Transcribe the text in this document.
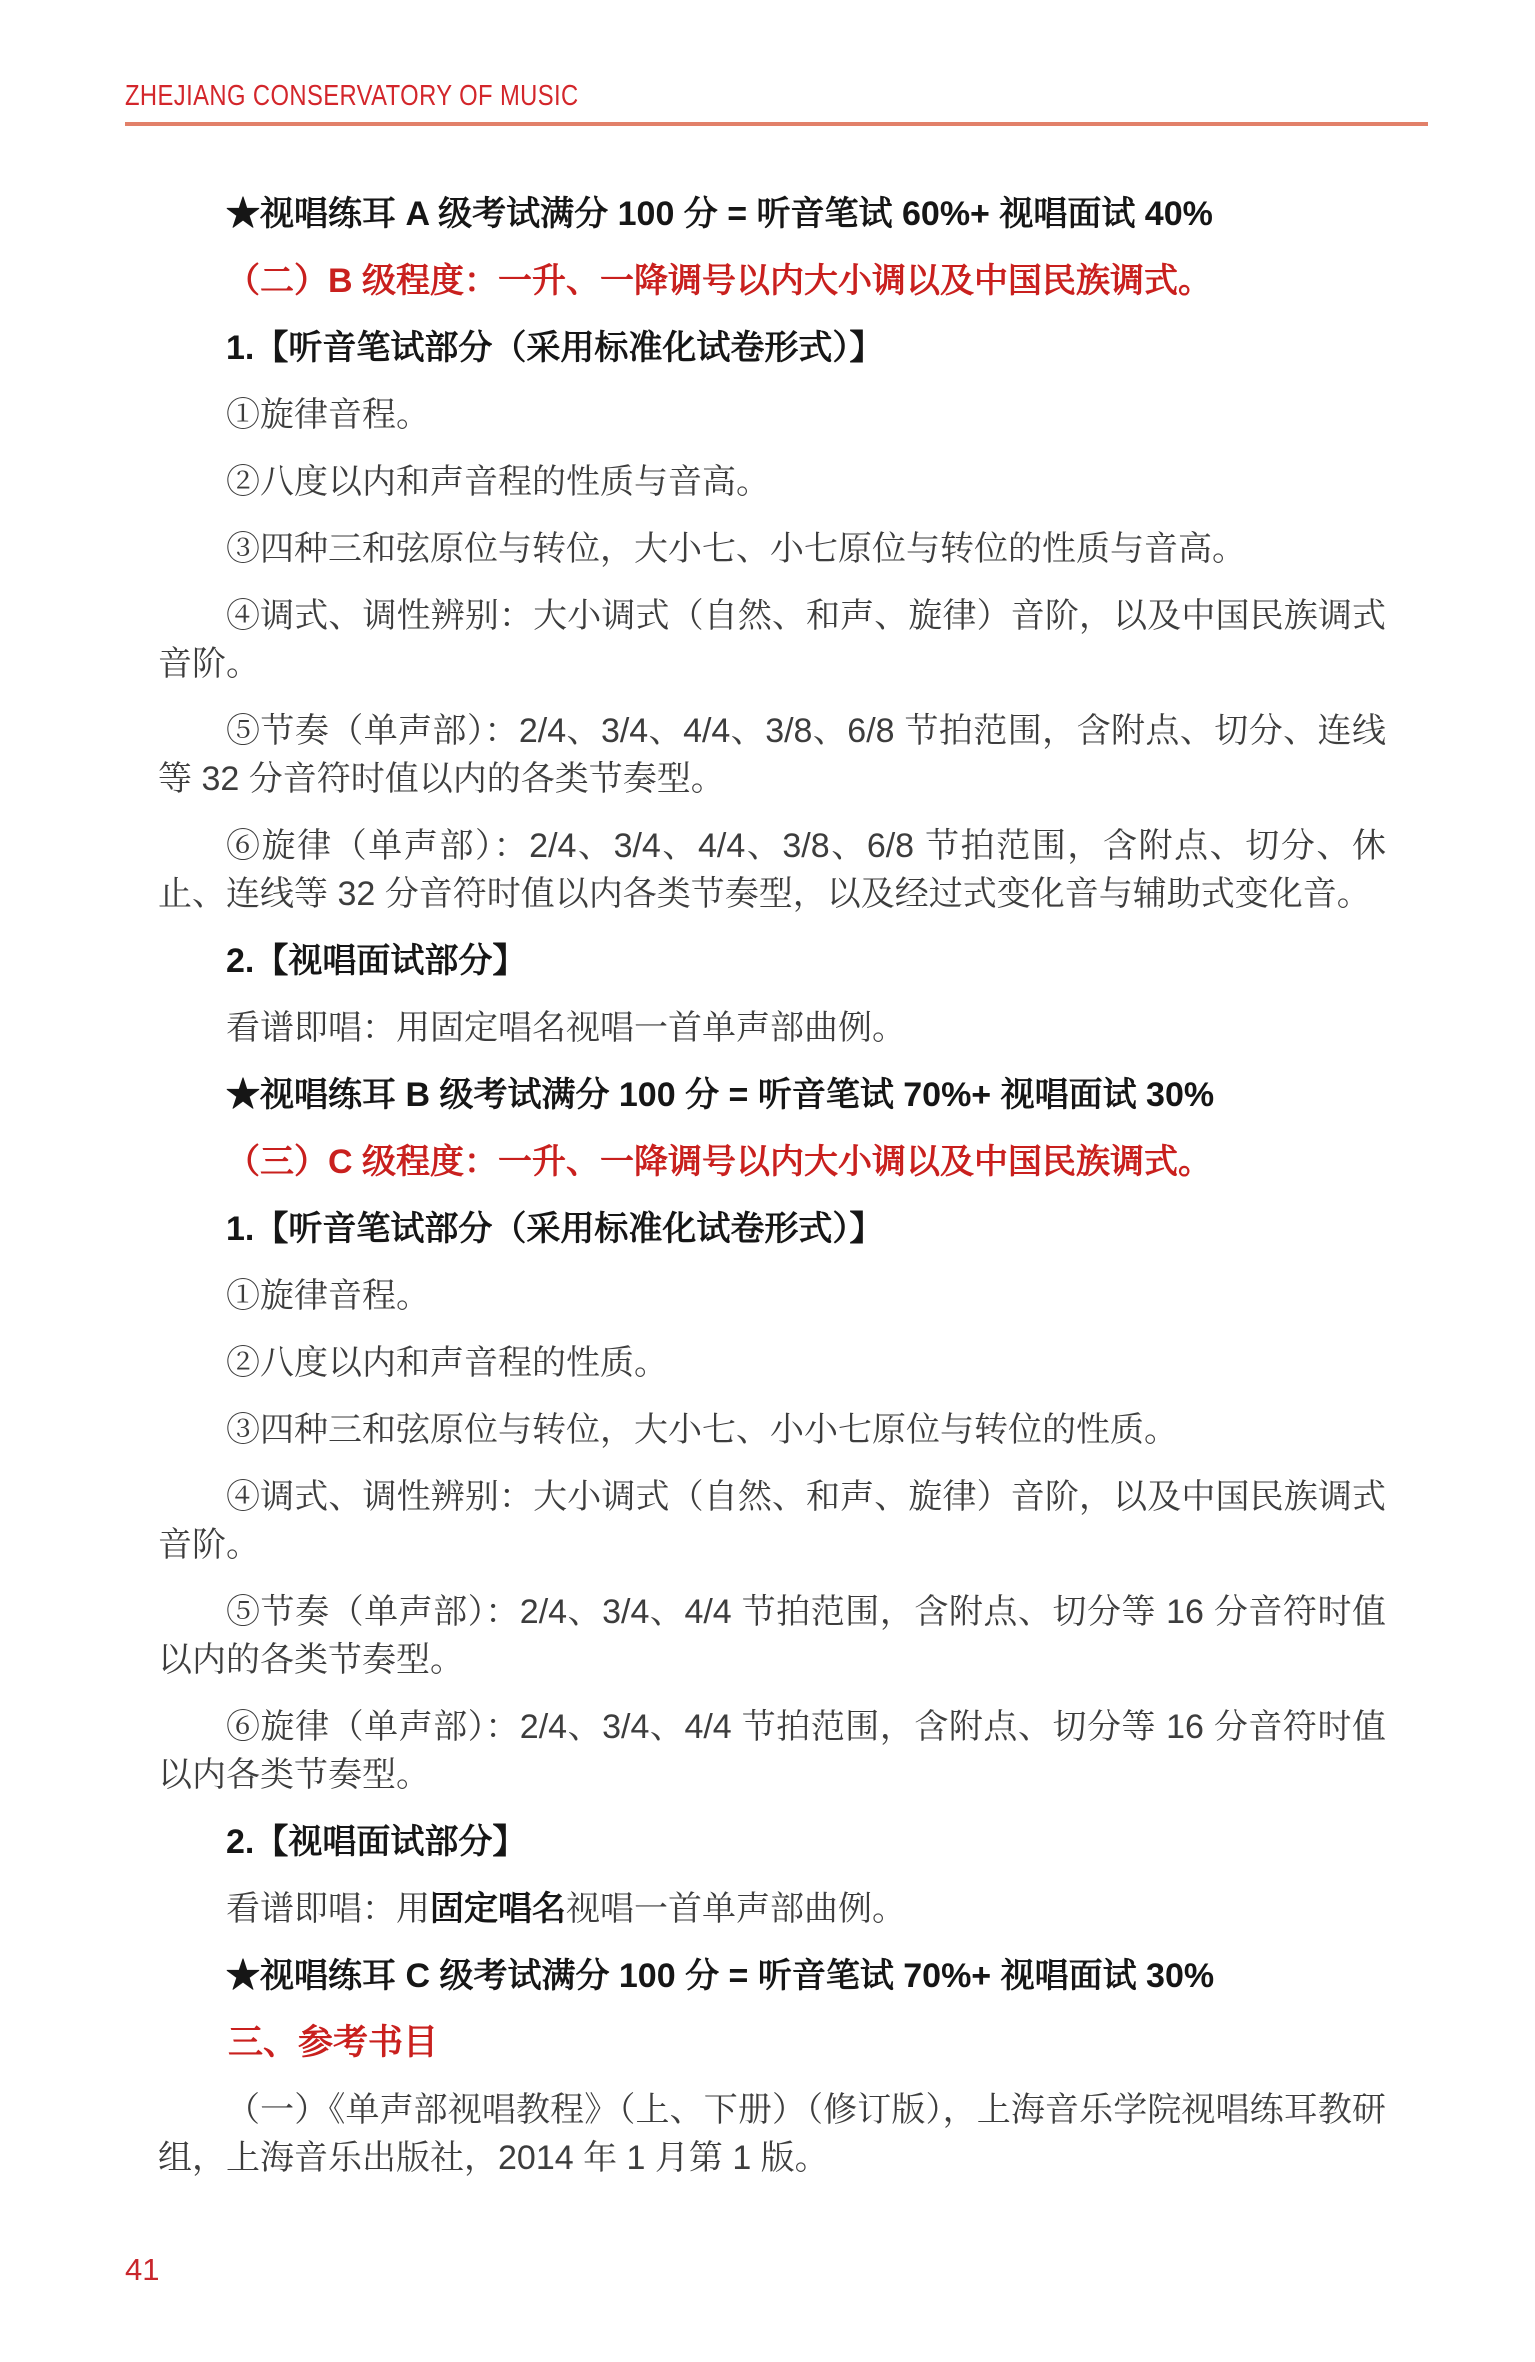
ZHEJIANG CONSERVATORY OF MUSIC

★视唱练耳 A 级考试满分 100 分 = 听音笔试 60%+ 视唱面试 40%

（二）B 级程度：一升、一降调号以内大小调以及中国民族调式。

1.【听音笔试部分（采用标准化试卷形式）】

①旋律音程。

②八度以内和声音程的性质与音高。

③四种三和弦原位与转位，大小七、小七原位与转位的性质与音高。

④调式、调性辨别：大小调式（自然、和声、旋律）音阶，以及中国民族调式音阶。

⑤节奏（单声部）：2/4、3/4、4/4、3/8、6/8 节拍范围，含附点、切分、连线等 32 分音符时值以内的各类节奏型。

⑥旋律（单声部）：2/4、3/4、4/4、3/8、6/8 节拍范围，含附点、切分、休止、连线等 32 分音符时值以内各类节奏型，以及经过式变化音与辅助式变化音。

2.【视唱面试部分】

看谱即唱：用固定唱名视唱一首单声部曲例。

★视唱练耳 B 级考试满分 100 分 = 听音笔试 70%+ 视唱面试 30%

（三）C 级程度：一升、一降调号以内大小调以及中国民族调式。

1.【听音笔试部分（采用标准化试卷形式）】

①旋律音程。

②八度以内和声音程的性质。

③四种三和弦原位与转位，大小七、小小七原位与转位的性质。

④调式、调性辨别：大小调式（自然、和声、旋律）音阶，以及中国民族调式音阶。

⑤节奏（单声部）：2/4、3/4、4/4 节拍范围，含附点、切分等 16 分音符时值以内的各类节奏型。

⑥旋律（单声部）：2/4、3/4、4/4 节拍范围，含附点、切分等 16 分音符时值以内各类节奏型。

2.【视唱面试部分】

看谱即唱：用固定唱名视唱一首单声部曲例。

★视唱练耳 C 级考试满分 100 分 = 听音笔试 70%+ 视唱面试 30%

三、参考书目

（一）《单声部视唱教程》（上、下册）（修订版），上海音乐学院视唱练耳教研组，上海音乐出版社，2014 年 1 月第 1 版。

41
